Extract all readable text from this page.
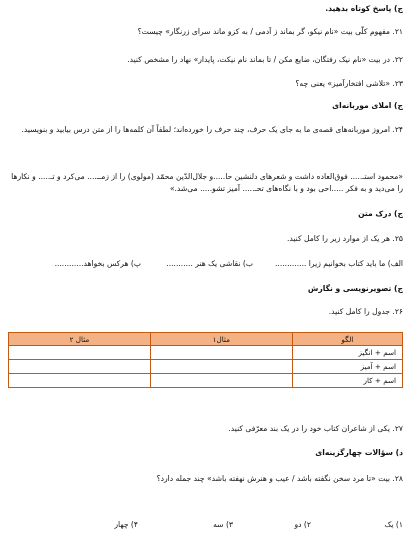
ج) پاسخ کوتاه بدهید.
۲۱. مفهوم کلّی بیت «نام نیکو، گر بماند ز آدمی / به کزو ماند سرای زرنگار» چیست؟
۲۲. در بیت «نام نیک رفتگان، ضایع مکن / تا بماند نام نیکت، پایدار» نهاد را مشخص کنید.
۲۳. «تلاشی افتخارآمیز» یعنی چه؟
ج) املای موربانه‌ای
۲۴. امروز موربانه‌های قصه‌ی ما به جای یک حرف، چند حرف را خورده‌اند؛ لطفاً آن کلمه‌ها را از متن درس بیابید و بنویسید.
«محمود استـ..... فوق‌العاده داشت و شعرهای دلنشین حا.....و جلال‌الدّین محمّد (مولوی) را از زمــ.... می‌کرد و تـ..... و نکارها را می‌دید و به فکر .....احی بود و با نگاه‌های تحـ..... آمیز تشو..... می‌شد.»
ج) درک متن
۲۵. هر یک از موارد زیر را کامل کنید.
الف) ما باید کتاب بخوانیم زیرا .............
ب) نقاشی یک هنر ...........
پ) هرکس بخواهد............
ج) تصویرنویسی و نگارش
۲۶. جدول را کامل کنید.
الگو	مثال۱	مثال ۲
اسم + انگیز		
اسم + آمیز		
اسم + کار		
۲۷. یکی از شاعران کتاب خود را در یک بند معرّفی کنید.
د) سؤالات چهارگزینه‌ای
۲۸. بیت «تا مرد سخن نگفته باشد / عیب و هنرش نهفته باشد» چند جمله دارد؟
۱) یک
۲) دو
۳) سه
۴) چهار
